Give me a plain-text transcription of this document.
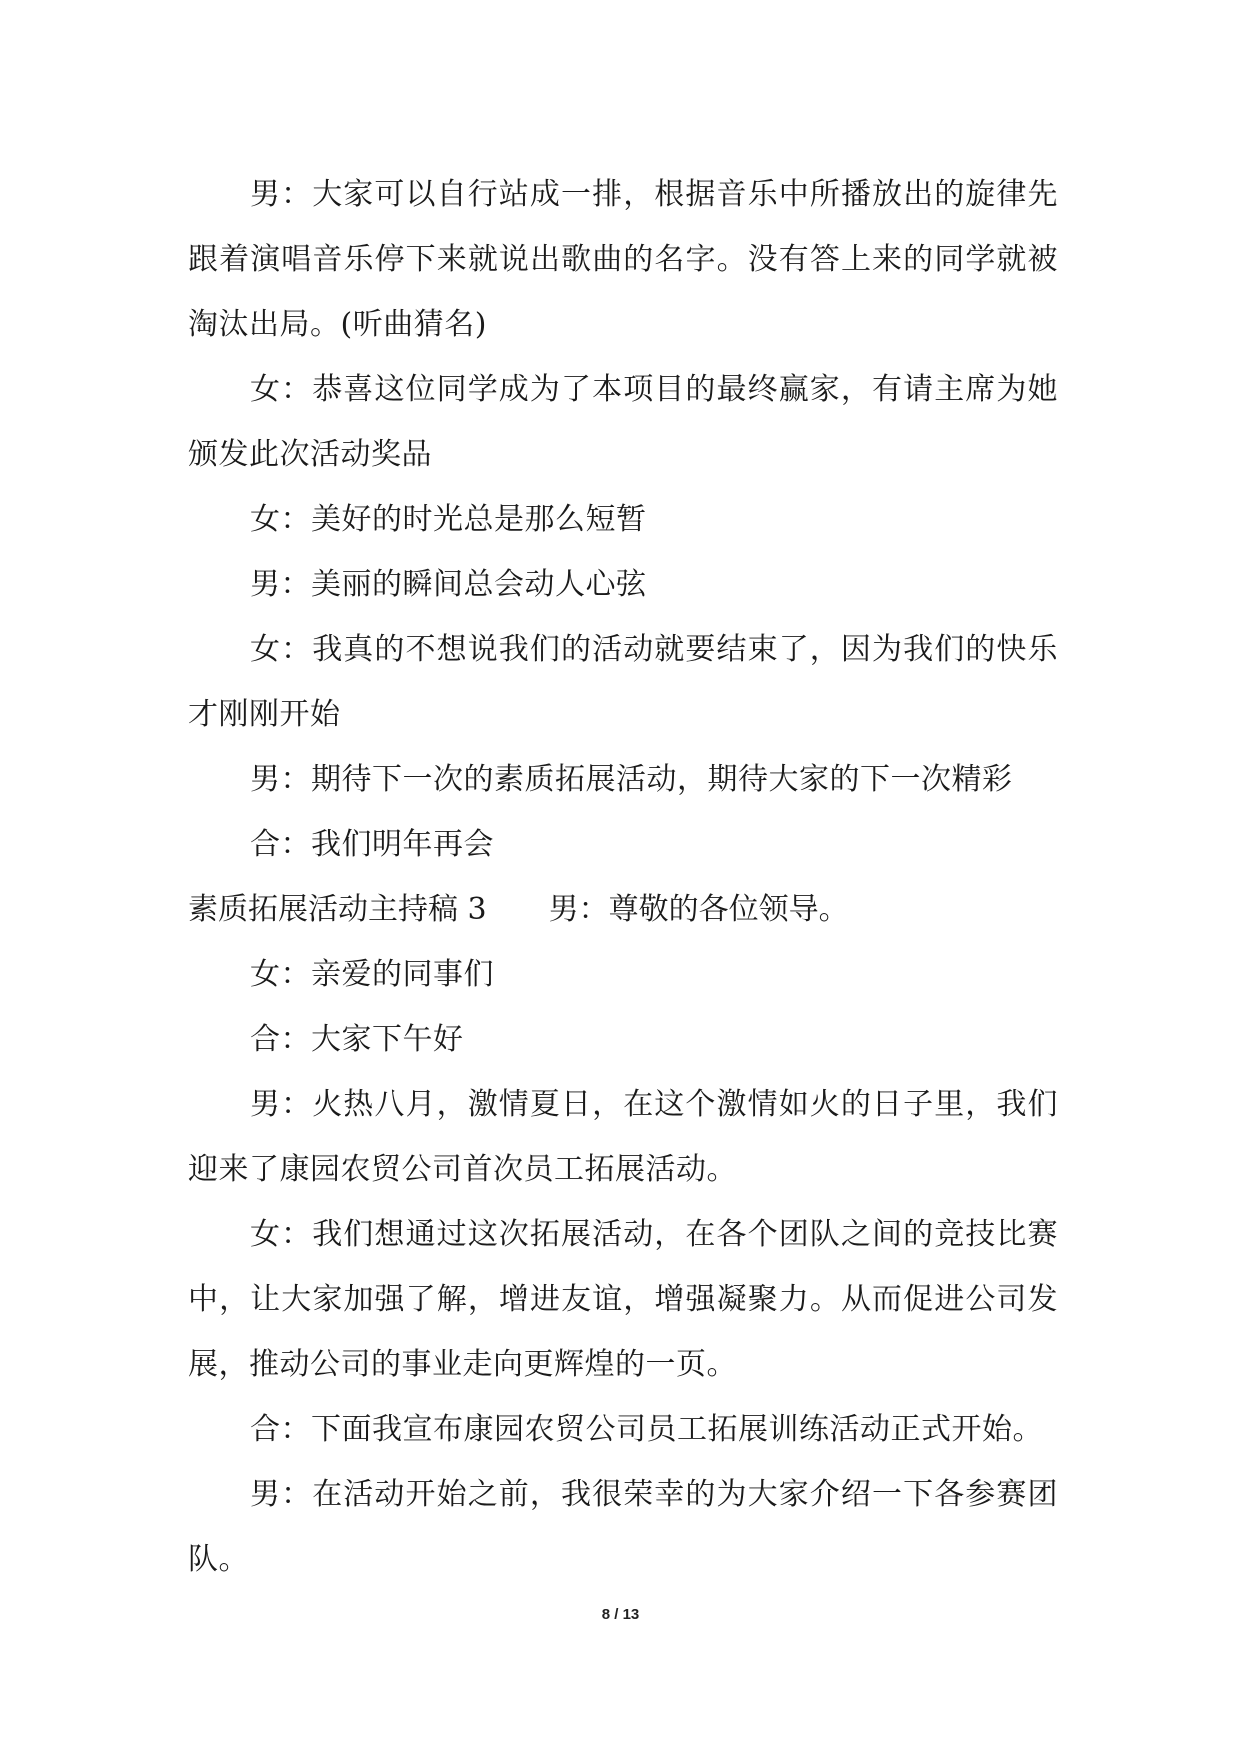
男：大家可以自行站成一排，根据音乐中所播放出的旋律先跟着演唱音乐停下来就说出歌曲的名字。没有答上来的同学就被淘汰出局。(听曲猜名)

女：恭喜这位同学成为了本项目的最终赢家，有请主席为她颁发此次活动奖品

女：美好的时光总是那么短暂

男：美丽的瞬间总会动人心弦

女：我真的不想说我们的活动就要结束了，因为我们的快乐才刚刚开始

男：期待下一次的素质拓展活动，期待大家的下一次精彩

合：我们明年再会

素质拓展活动主持稿 3 男：尊敬的各位领导。

女：亲爱的同事们

合：大家下午好

男：火热八月，激情夏日，在这个激情如火的日子里，我们迎来了康园农贸公司首次员工拓展活动。

女：我们想通过这次拓展活动，在各个团队之间的竞技比赛中，让大家加强了解，增进友谊，增强凝聚力。从而促进公司发展，推动公司的事业走向更辉煌的一页。

合：下面我宣布康园农贸公司员工拓展训练活动正式开始。

男：在活动开始之前，我很荣幸的为大家介绍一下各参赛团队。

8 / 13
